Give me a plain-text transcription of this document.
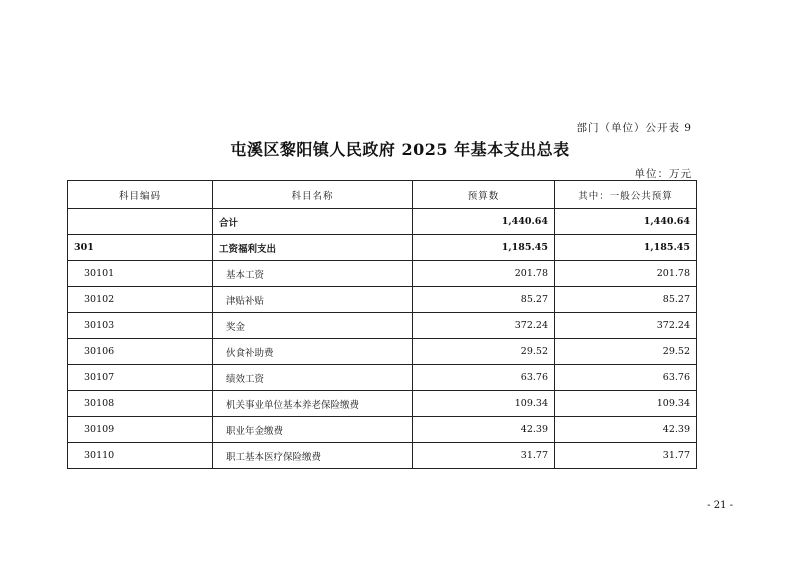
部门（单位）公开表 9
屯溪区黎阳镇人民政府 2025 年基本支出总表
单位：万元
科目编码	科目名称	预算数	其中：一般公共预算
	合计	1,440.64	1,440.64
301	工资福利支出	1,185.45	1,185.45
30101	基本工资	201.78	201.78
30102	津贴补贴	85.27	85.27
30103	奖金	372.24	372.24
30106	伙食补助费	29.52	29.52
30107	绩效工资	63.76	63.76
30108	机关事业单位基本养老保险缴费	109.34	109.34
30109	职业年金缴费	42.39	42.39
30110	职工基本医疗保险缴费	31.77	31.77
- 21 -
